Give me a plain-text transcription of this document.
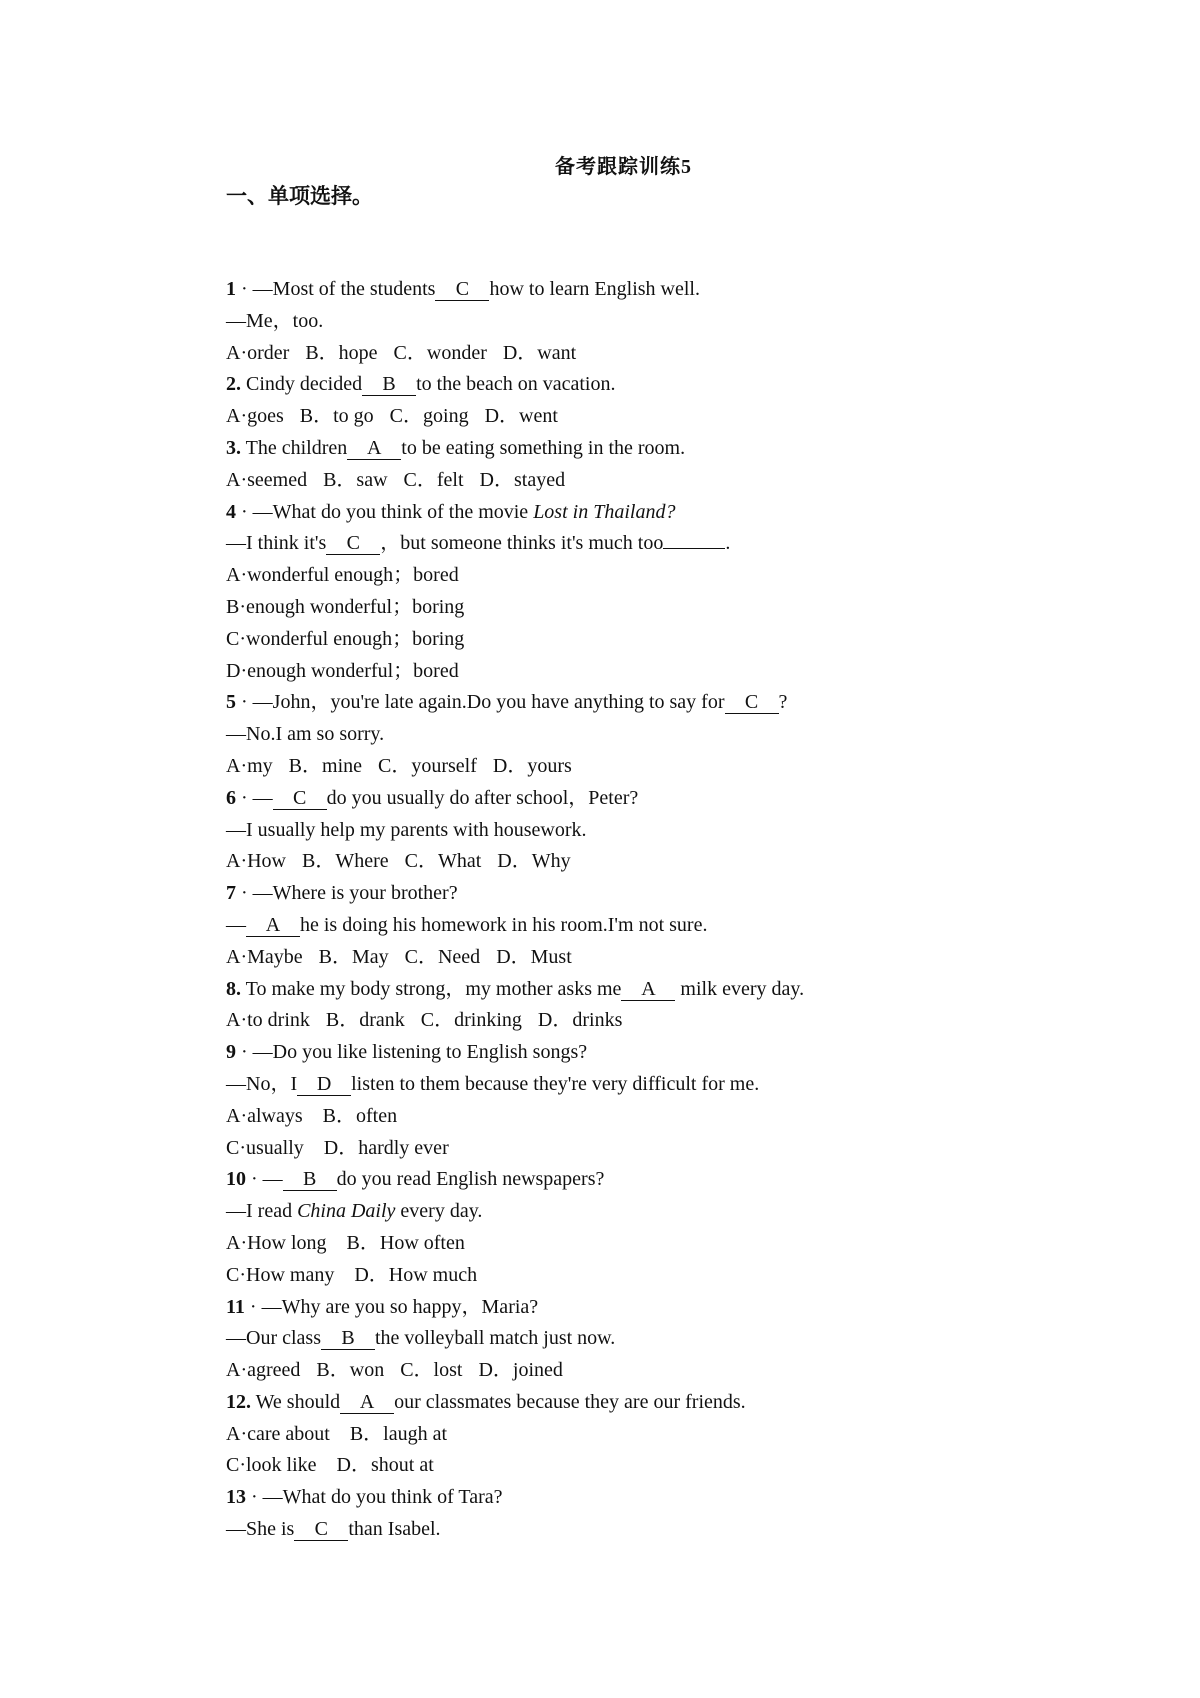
备考跟踪训练5
一、单项选择。
1 · —Most of the students C how to learn English well.
—Me，too.
A·order B．hope C．wonder D．want
2. Cindy decided B to the beach on vacation.
A·goes B．to go C．going D．went
3. The children A to be eating something in the room.
A·seemed B．saw C．felt D．stayed
4 · —What do you think of the movie Lost in Thailand?
—I think it's C ，but someone thinks it's much too	.
A·wonderful enough；bored
B·enough wonderful；boring
C·wonderful enough；boring
D·enough wonderful；bored
5 · —John，you're late again.Do you have anything to say for C ?
—No.I am so sorry.
A·my B．mine C．yourself D．yours
6 · — C do you usually do after school，Peter?
—I usually help my parents with housework.
A·How B．Where C．What D．Why
7 · —Where is your brother?
— A he is doing his homework in his room.I'm not sure.
A·Maybe B．May C．Need D．Must
8. To make my body strong，my mother asks me A milk every day.
A·to drink B．drank C．drinking D．drinks
9 · —Do you like listening to English songs?
—No，I D listen to them because they're very difficult for me.
A·always　B．often
C·usually　D．hardly ever
10 · — B do you read English newspapers?
—I read China Daily every day.
A·How long　B．How often
C·How many　D．How much
11 · —Why are you so happy，Maria?
—Our class B the volleyball match just now.
A·agreed B．won C．lost D．joined
12. We should A our classmates because they are our friends.
A·care about　B．laugh at
C·look like　D．shout at
13 · —What do you think of Tara?
—She is C than Isabel.
